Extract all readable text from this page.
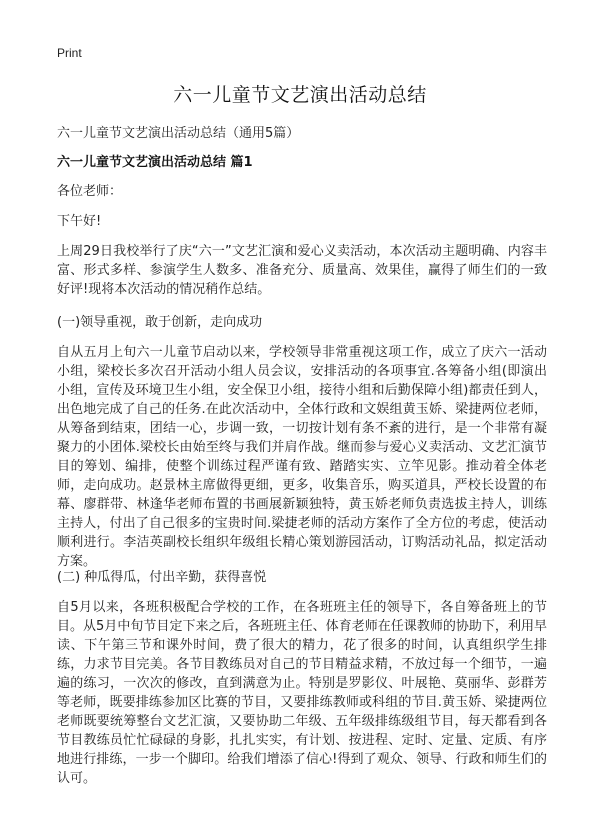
Print
六一儿童节文艺演出活动总结
六一儿童节文艺演出活动总结（通用5篇）
六一儿童节文艺演出活动总结 篇1
各位老师：
下午好!

上周29日我校举行了庆“六一”文艺汇演和爱心义卖活动，本次活动主题明确、内容丰富、形式多样、参演学生人数多、准备充分、质量高、效果佳，赢得了师生们的一致好评!现将本次活动的情况稍作总结。

(一)领导重视，敢于创新，走向成功

自从五月上旬六一儿童节启动以来，学校领导非常重视这项工作，成立了庆六一活动小组，梁校长多次召开活动小组人员会议，安排活动的各项事宜.各筹备小组(即演出小组，宣传及环境卫生小组，安全保卫小组，接待小组和后勤保障小组)都责任到人，出色地完成了自己的任务.在此次活动中，全体行政和文娱组黄玉娇、梁捷两位老师，从筹备到结束，团结一心，步调一致，一切按计划有条不紊的进行，是一个非常有凝聚力的小团体.梁校长由始至终与我们并肩作战。继而参与爱心义卖活动、文艺汇演节目的筹划、编排，使整个训练过程严谨有致、踏踏实实、立竿见影。推动着全体老师，走向成功。赵景林主席做得更细，更多，收集音乐，购买道具，严校长设置的布幕、廖群带、林逢华老师布置的书画展新颖独特，黄玉娇老师负责选拔主持人，训练主持人，付出了自己很多的宝贵时间.梁捷老师的活动方案作了全方位的考虑，使活动顺利进行。李洁英副校长组织年级组长精心策划游园活动，订购活动礼品，拟定活动方案。

(二) 种瓜得瓜，付出辛勤，获得喜悦

自5月以来，各班积极配合学校的工作，在各班班主任的领导下，各自筹备班上的节目。从5月中旬节目定下来之后，各班班主任、体育老师在任课教师的协助下，利用早读、下午第三节和课外时间，费了很大的精力，花了很多的时间，认真组织学生排练，力求节目完美。各节目教练员对自己的节目精益求精，不放过每一个细节，一遍遍的练习，一次次的修改，直到满意为止。特别是罗影仪、叶展艳、莫丽华、彭群芳等老师，既要排练参加区比赛的节目，又要排练教师或科组的节目.黄玉娇、梁捷两位老师既要统筹整台文艺汇演，又要协助二年级、五年级排练级组节目，每天都看到各节目教练员忙忙碌碌的身影，扎扎实实，有计划、按进程、定时、定量、定质、有序地进行排练，一步一个脚印。给我们增添了信心!得到了观众、领导、行政和师生们的认可。
